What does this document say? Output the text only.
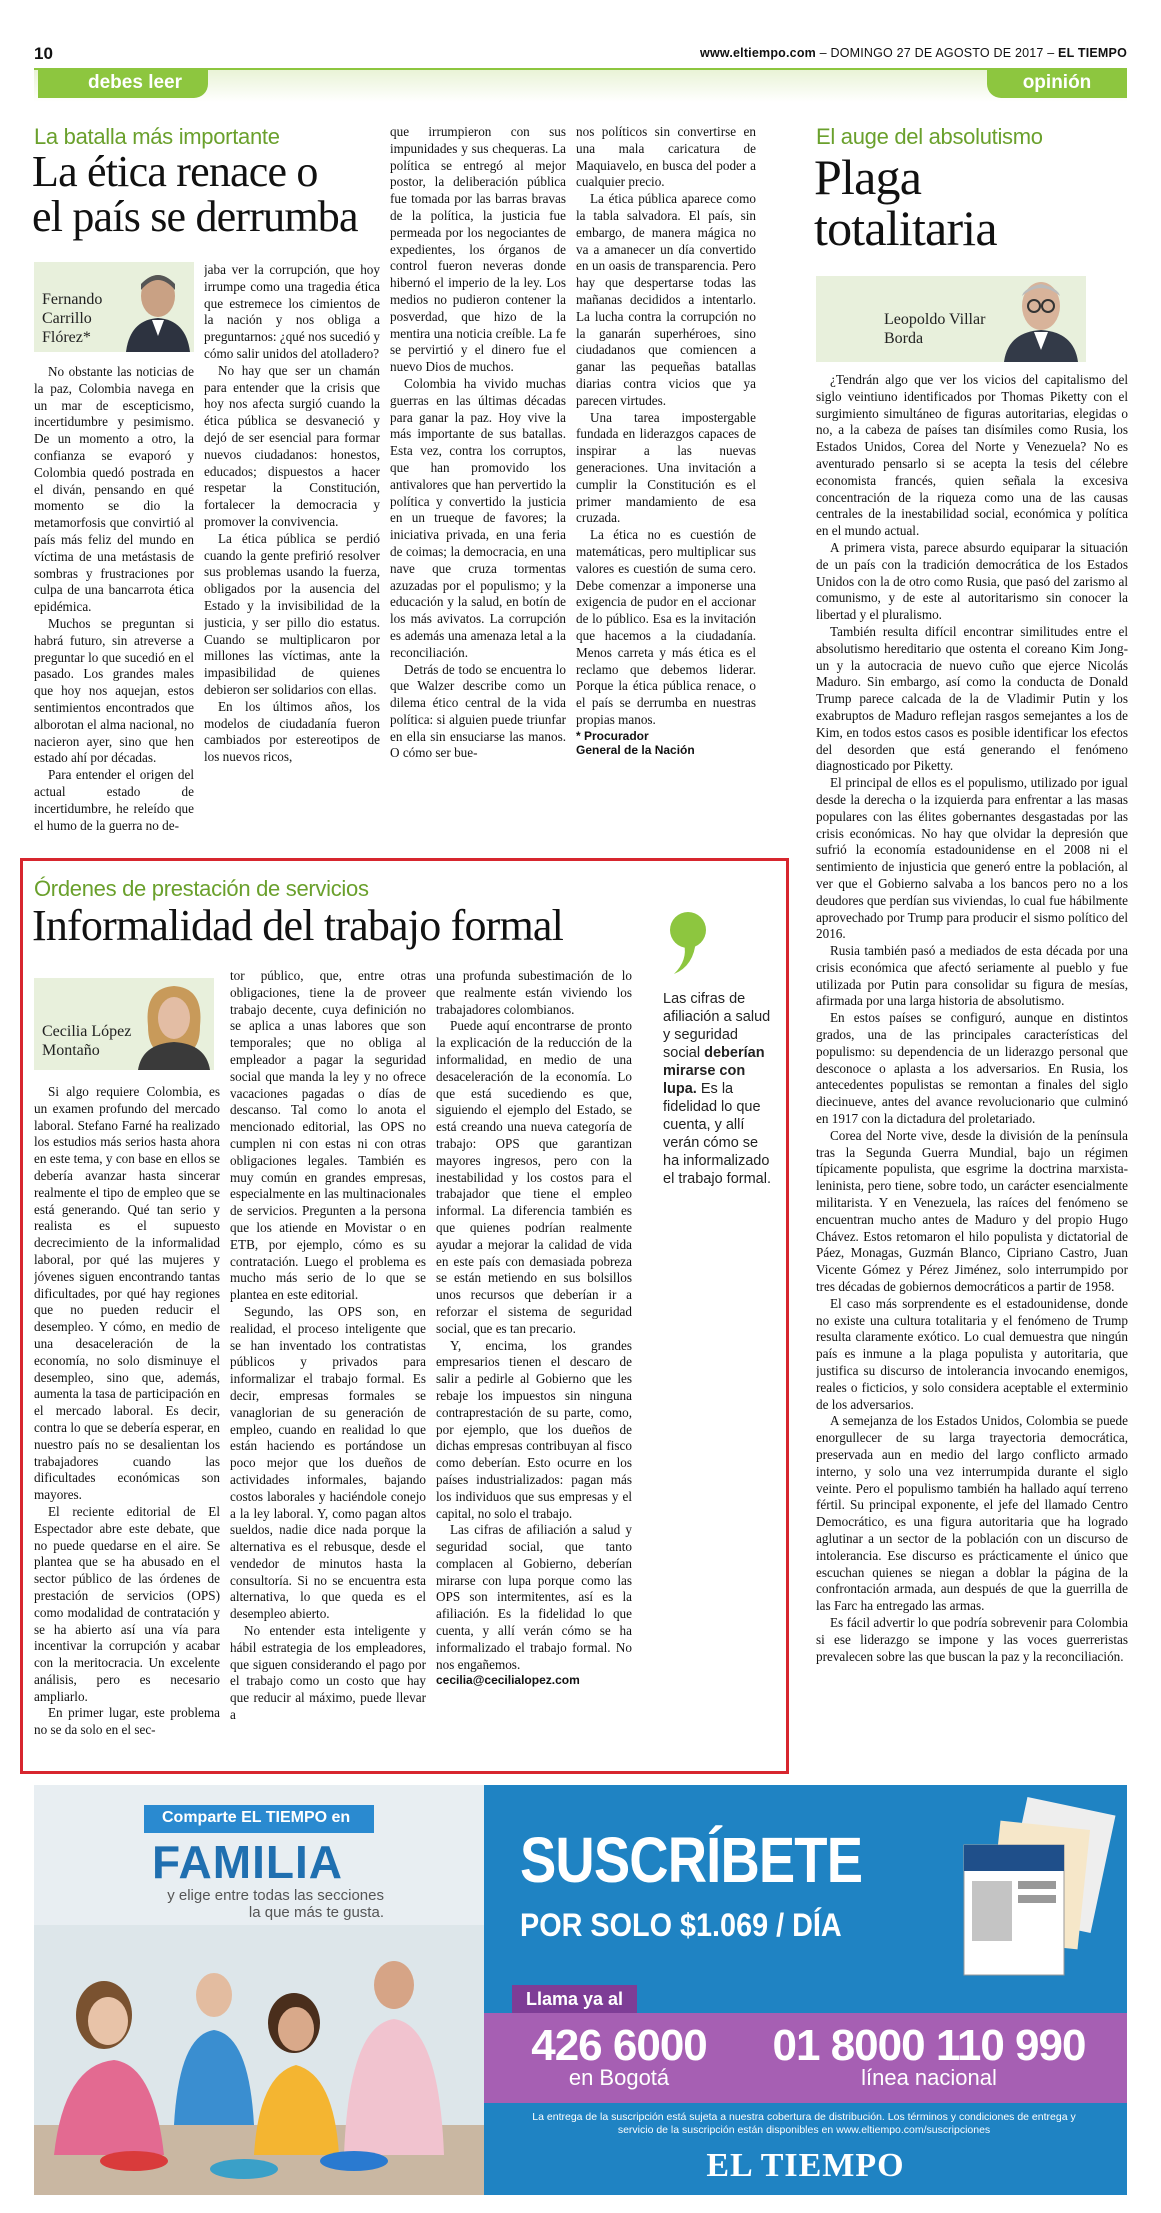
10	www.eltiempo.com – DOMINGO 27 DE AGOSTO DE 2017 – EL TIEMPO
debes leer	opinión
La batalla más importante
La ética renace o
el país se derrumba
Fernando Carrillo Flórez*

No obstante las noticias de la paz, Colombia navega en un mar de escepticismo, incertidumbre y pesimismo. De un momento a otro, la confianza se evaporó y Colombia quedó postrada en el diván, pensando en qué momento se dio la metamorfosis que convirtió al país más feliz del mundo en víctima de una metástasis de sombras y frustraciones por culpa de una bancarrota ética epidémica.

Muchos se preguntan si habrá futuro, sin atreverse a preguntar lo que sucedió en el pasado. Los grandes males que hoy nos aquejan, estos sentimientos encontrados que alborotan el alma nacional, no nacieron ayer, sino que hen estado ahí por décadas.

Para entender el origen del actual estado de incertidumbre, he releído que el humo de la guerra no de-

jaba ver la corrupción, que hoy irrumpe como una tragedia ética que estremece los cimientos de la nación y nos obliga a preguntarnos: ¿qué nos sucedió y cómo salir unidos del atolladero?

No hay que ser un chamán para entender que la crisis que hoy nos afecta surgió cuando la ética pública se desvaneció y dejó de ser esencial para formar nuevos ciudadanos: honestos, educados; dispuestos a hacer respetar la Constitución, fortalecer la democracia y promover la convivencia.

La ética pública se perdió cuando la gente prefirió resolver sus problemas usando la fuerza, obligados por la ausencia del Estado y la invisibilidad de la justicia, y ser pillo dio estatus. Cuando se multiplicaron por millones las víctimas, ante la impasibilidad de quienes debieron ser solidarios con ellas.

En los últimos años, los modelos de ciudadanía fueron cambiados por estereotipos de los nuevos ricos,

que irrumpieron con sus impunidades y sus chequeras. La política se entregó al mejor postor, la deliberación pública fue tomada por las barras bravas de la política, la justicia fue permeada por los negociantes de expedientes, los órganos de control fueron neveras donde hibernó el imperio de la ley. Los medios no pudieron contener la posverdad, que hizo de la mentira una noticia creíble. La fe se pervirtió y el dinero fue el nuevo Dios de muchos.

Colombia ha vivido muchas guerras en las últimas décadas para ganar la paz. Hoy vive la más importante de sus batallas. Esta vez, contra los corruptos, que han promovido los antivalores que han pervertido la política y convertido la justicia en un trueque de favores; la iniciativa privada, en una feria de coimas; la democracia, en una nave que cruza tormentas azuzadas por el populismo; y la educación y la salud, en botín de los más avivatos. La corrupción es además una amenaza letal a la reconciliación.

Detrás de todo se encuentra lo que Walzer describe como un dilema ético central de la vida política: si alguien puede triunfar en ella sin ensuciarse las manos. O cómo ser bue-

nos políticos sin convertirse en una mala caricatura de Maquiavelo, en busca del poder a cualquier precio.

La ética pública aparece como la tabla salvadora. El país, sin embargo, de manera mágica no va a amanecer un día convertido en un oasis de transparencia. Pero hay que despertarse todas las mañanas decididos a intentarlo. La lucha contra la corrupción no la ganarán superhéroes, sino ciudadanos que comiencen a ganar las pequeñas batallas diarias contra vicios que ya parecen virtudes.

Una tarea impostergable fundada en liderazgos capaces de inspirar a las nuevas generaciones. Una invitación a cumplir la Constitución es el primer mandamiento de esa cruzada.

La ética no es cuestión de matemáticas, pero multiplicar sus valores es cuestión de suma cero. Debe comenzar a imponerse una exigencia de pudor en el accionar de lo público. Esa es la invitación que hacemos a la ciudadanía. Menos carreta y más ética es el reclamo que debemos liderar. Porque la ética pública renace, o el país se derrumba en nuestras propias manos.

* Procurador

General de la Nación

El auge del absolutismo
Plaga
totalitaria
Leopoldo Villar Borda

¿Tendrán algo que ver los vicios del capitalismo del siglo veintiuno identificados por Thomas Piketty con el surgimiento simultáneo de figuras autoritarias, elegidas o no, a la cabeza de países tan disímiles como Rusia, los Estados Unidos, Corea del Norte y Venezuela? No es aventurado pensarlo si se acepta la tesis del célebre economista francés, quien señala la excesiva concentración de la riqueza como una de las causas centrales de la inestabilidad social, económica y política en el mundo actual.

A primera vista, parece absurdo equiparar la situación de un país con la tradición democrática de los Estados Unidos con la de otro como Rusia, que pasó del zarismo al comunismo, y de este al autoritarismo sin conocer la libertad y el pluralismo.

También resulta difícil encontrar similitudes entre el absolutismo hereditario que ostenta el coreano Kim Jong-un y la autocracia de nuevo cuño que ejerce Nicolás Maduro. Sin embargo, así como la conducta de Donald Trump parece calcada de la de Vladimir Putin y los exabruptos de Maduro reflejan rasgos semejantes a los de Kim, en todos estos casos es posible identificar los efectos del desorden que está generando el fenómeno diagnosticado por Piketty.

El principal de ellos es el populismo, utilizado por igual desde la derecha o la izquierda para enfrentar a las masas populares con las élites gobernantes desgastadas por las crisis económicas. No hay que olvidar la depresión que sufrió la economía estadounidense en el 2008 ni el sentimiento de injusticia que generó entre la población, al ver que el Gobierno salvaba a los bancos pero no a los deudores que perdían sus viviendas, lo cual fue hábilmente aprovechado por Trump para producir el sismo político del 2016.

Rusia también pasó a mediados de esta década por una crisis económica que afectó seriamente al pueblo y fue utilizada por Putin para consolidar su figura de mesías, afirmada por una larga historia de absolutismo.

En estos países se configuró, aunque en distintos grados, una de las principales características del populismo: su dependencia de un liderazgo personal que desconoce o aplasta a los adversarios. En Rusia, los antecedentes populistas se remontan a finales del siglo diecinueve, antes del avance revolucionario que culminó en 1917 con la dictadura del proletariado.

Corea del Norte vive, desde la división de la península tras la Segunda Guerra Mundial, bajo un régimen típicamente populista, que esgrime la doctrina marxista-leninista, pero tiene, sobre todo, un carácter esencialmente militarista. Y en Venezuela, las raíces del fenómeno se encuentran mucho antes de Maduro y del propio Hugo Chávez. Estos retomaron el hilo populista y dictatorial de Páez, Monagas, Guzmán Blanco, Cipriano Castro, Juan Vicente Gómez y Pérez Jiménez, solo interrumpido por tres décadas de gobiernos democráticos a partir de 1958.

El caso más sorprendente es el estadounidense, donde no existe una cultura totalitaria y el fenómeno de Trump resulta claramente exótico. Lo cual demuestra que ningún país es inmune a la plaga populista y autoritaria, que justifica su discurso de intolerancia invocando enemigos, reales o ficticios, y solo considera aceptable el exterminio de los adversarios.

A semejanza de los Estados Unidos, Colombia se puede enorgullecer de su larga trayectoria democrática, preservada aun en medio del largo conflicto armado interno, y solo una vez interrumpida durante el siglo veinte. Pero el populismo también ha hallado aquí terreno fértil. Su principal exponente, el jefe del llamado Centro Democrático, es una figura autoritaria que ha logrado aglutinar a un sector de la población con un discurso de intolerancia. Ese discurso es prácticamente el único que escuchan quienes se niegan a doblar la página de la confrontación armada, aun después de que la guerrilla de las Farc ha entregado las armas.

Es fácil advertir lo que podría sobrevenir para Colombia si ese liderazgo se impone y las voces guerreristas prevalecen sobre las que buscan la paz y la reconciliación.

Órdenes de prestación de servicios
Informalidad del trabajo formal
Cecilia López Montaño

Si algo requiere Colombia, es un examen profundo del mercado laboral. Stefano Farné ha realizado los estudios más serios hasta ahora en este tema, y con base en ellos se debería avanzar hasta sincerar realmente el tipo de empleo que se está generando. Qué tan serio y realista es el supuesto decrecimiento de la informalidad laboral, por qué las mujeres y jóvenes siguen encontrando tantas dificultades, por qué hay regiones que no pueden reducir el desempleo. Y cómo, en medio de una desaceleración de la economía, no solo disminuye el desempleo, sino que, además, aumenta la tasa de participación en el mercado laboral. Es decir, contra lo que se debería esperar, en nuestro país no se desalientan los trabajadores cuando las dificultades económicas son mayores.

El reciente editorial de El Espectador abre este debate, que no puede quedarse en el aire. Se plantea que se ha abusado en el sector público de las órdenes de prestación de servicios (OPS) como modalidad de contratación y se ha abierto así una vía para incentivar la corrupción y acabar con la meritocracia. Un excelente análisis, pero es necesario ampliarlo.

En primer lugar, este problema no se da solo en el sec-

tor público, que, entre otras obligaciones, tiene la de proveer trabajo decente, cuya definición no se aplica a unas labores que son temporales; que no obliga al empleador a pagar la seguridad social que manda la ley y no ofrece vacaciones pagadas o días de descanso. Tal como lo anota el mencionado editorial, las OPS no cumplen ni con estas ni con otras obligaciones legales. También es muy común en grandes empresas, especialmente en las multinacionales de servicios. Pregunten a la persona que los atiende en Movistar o en ETB, por ejemplo, cómo es su contratación. Luego el problema es mucho más serio de lo que se plantea en este editorial.

Segundo, las OPS son, en realidad, el proceso inteligente que se han inventado los contratistas públicos y privados para informalizar el trabajo formal. Es decir, empresas formales se vanaglorian de su generación de empleo, cuando en realidad lo que están haciendo es portándose un poco mejor que los dueños de actividades informales, bajando costos laborales y haciéndole conejo a la ley laboral. Y, como pagan altos sueldos, nadie dice nada porque la alternativa es el rebusque, desde el vendedor de minutos hasta la consultoría. Si no se encuentra esta alternativa, lo que queda es el desempleo abierto.

No entender esta inteligente y hábil estrategia de los empleadores, que siguen considerando el pago por el trabajo como un costo que hay que reducir al máximo, puede llevar a

una profunda subestimación de lo que realmente están viviendo los trabajadores colombianos.

Puede aquí encontrarse de pronto la explicación de la reducción de la informalidad, en medio de una desaceleración de la economía. Lo que está sucediendo es que, siguiendo el ejemplo del Estado, se está creando una nueva categoría de trabajo: OPS que garantizan mayores ingresos, pero con la inestabilidad y los costos para el trabajador que tiene el empleo informal. La diferencia también es que quienes podrían realmente ayudar a mejorar la calidad de vida en este país con demasiada pobreza se están metiendo en sus bolsillos unos recursos que deberían ir a reforzar el sistema de seguridad social, que es tan precario.

Y, encima, los grandes empresarios tienen el descaro de salir a pedirle al Gobierno que les rebaje los impuestos sin ninguna contraprestación de su parte, como, por ejemplo, que los dueños de dichas empresas contribuyan al fisco como deberían. Esto ocurre en los países industrializados: pagan más los individuos que sus empresas y el capital, no solo el trabajo.

Las cifras de afiliación a salud y seguridad social, que tanto complacen al Gobierno, deberían mirarse con lupa porque como las OPS son intermitentes, así es la afiliación. Es la fidelidad lo que cuenta, y allí verán cómo se ha informalizado el trabajo formal. No nos engañemos.

cecilia@cecilialopez.com

Las cifras de afiliación a salud y seguridad social deberían mirarse con lupa. Es la fidelidad lo que cuenta, y allí verán cómo se ha informalizado el trabajo formal.
Comparte EL TIEMPO en
FAMILIA
y elige entre todas las secciones la que más te gusta.
SUSCRÍBETE
POR SOLO $1.069 / DÍA
Llama ya al
426 6000
en Bogotá
01 8000 110 990
línea nacional
La entrega de la suscripción está sujeta a nuestra cobertura de distribución. Los términos y condiciones de entrega y servicio de la suscripción están disponibles en www.eltiempo.com/suscripciones
EL TIEMPO
